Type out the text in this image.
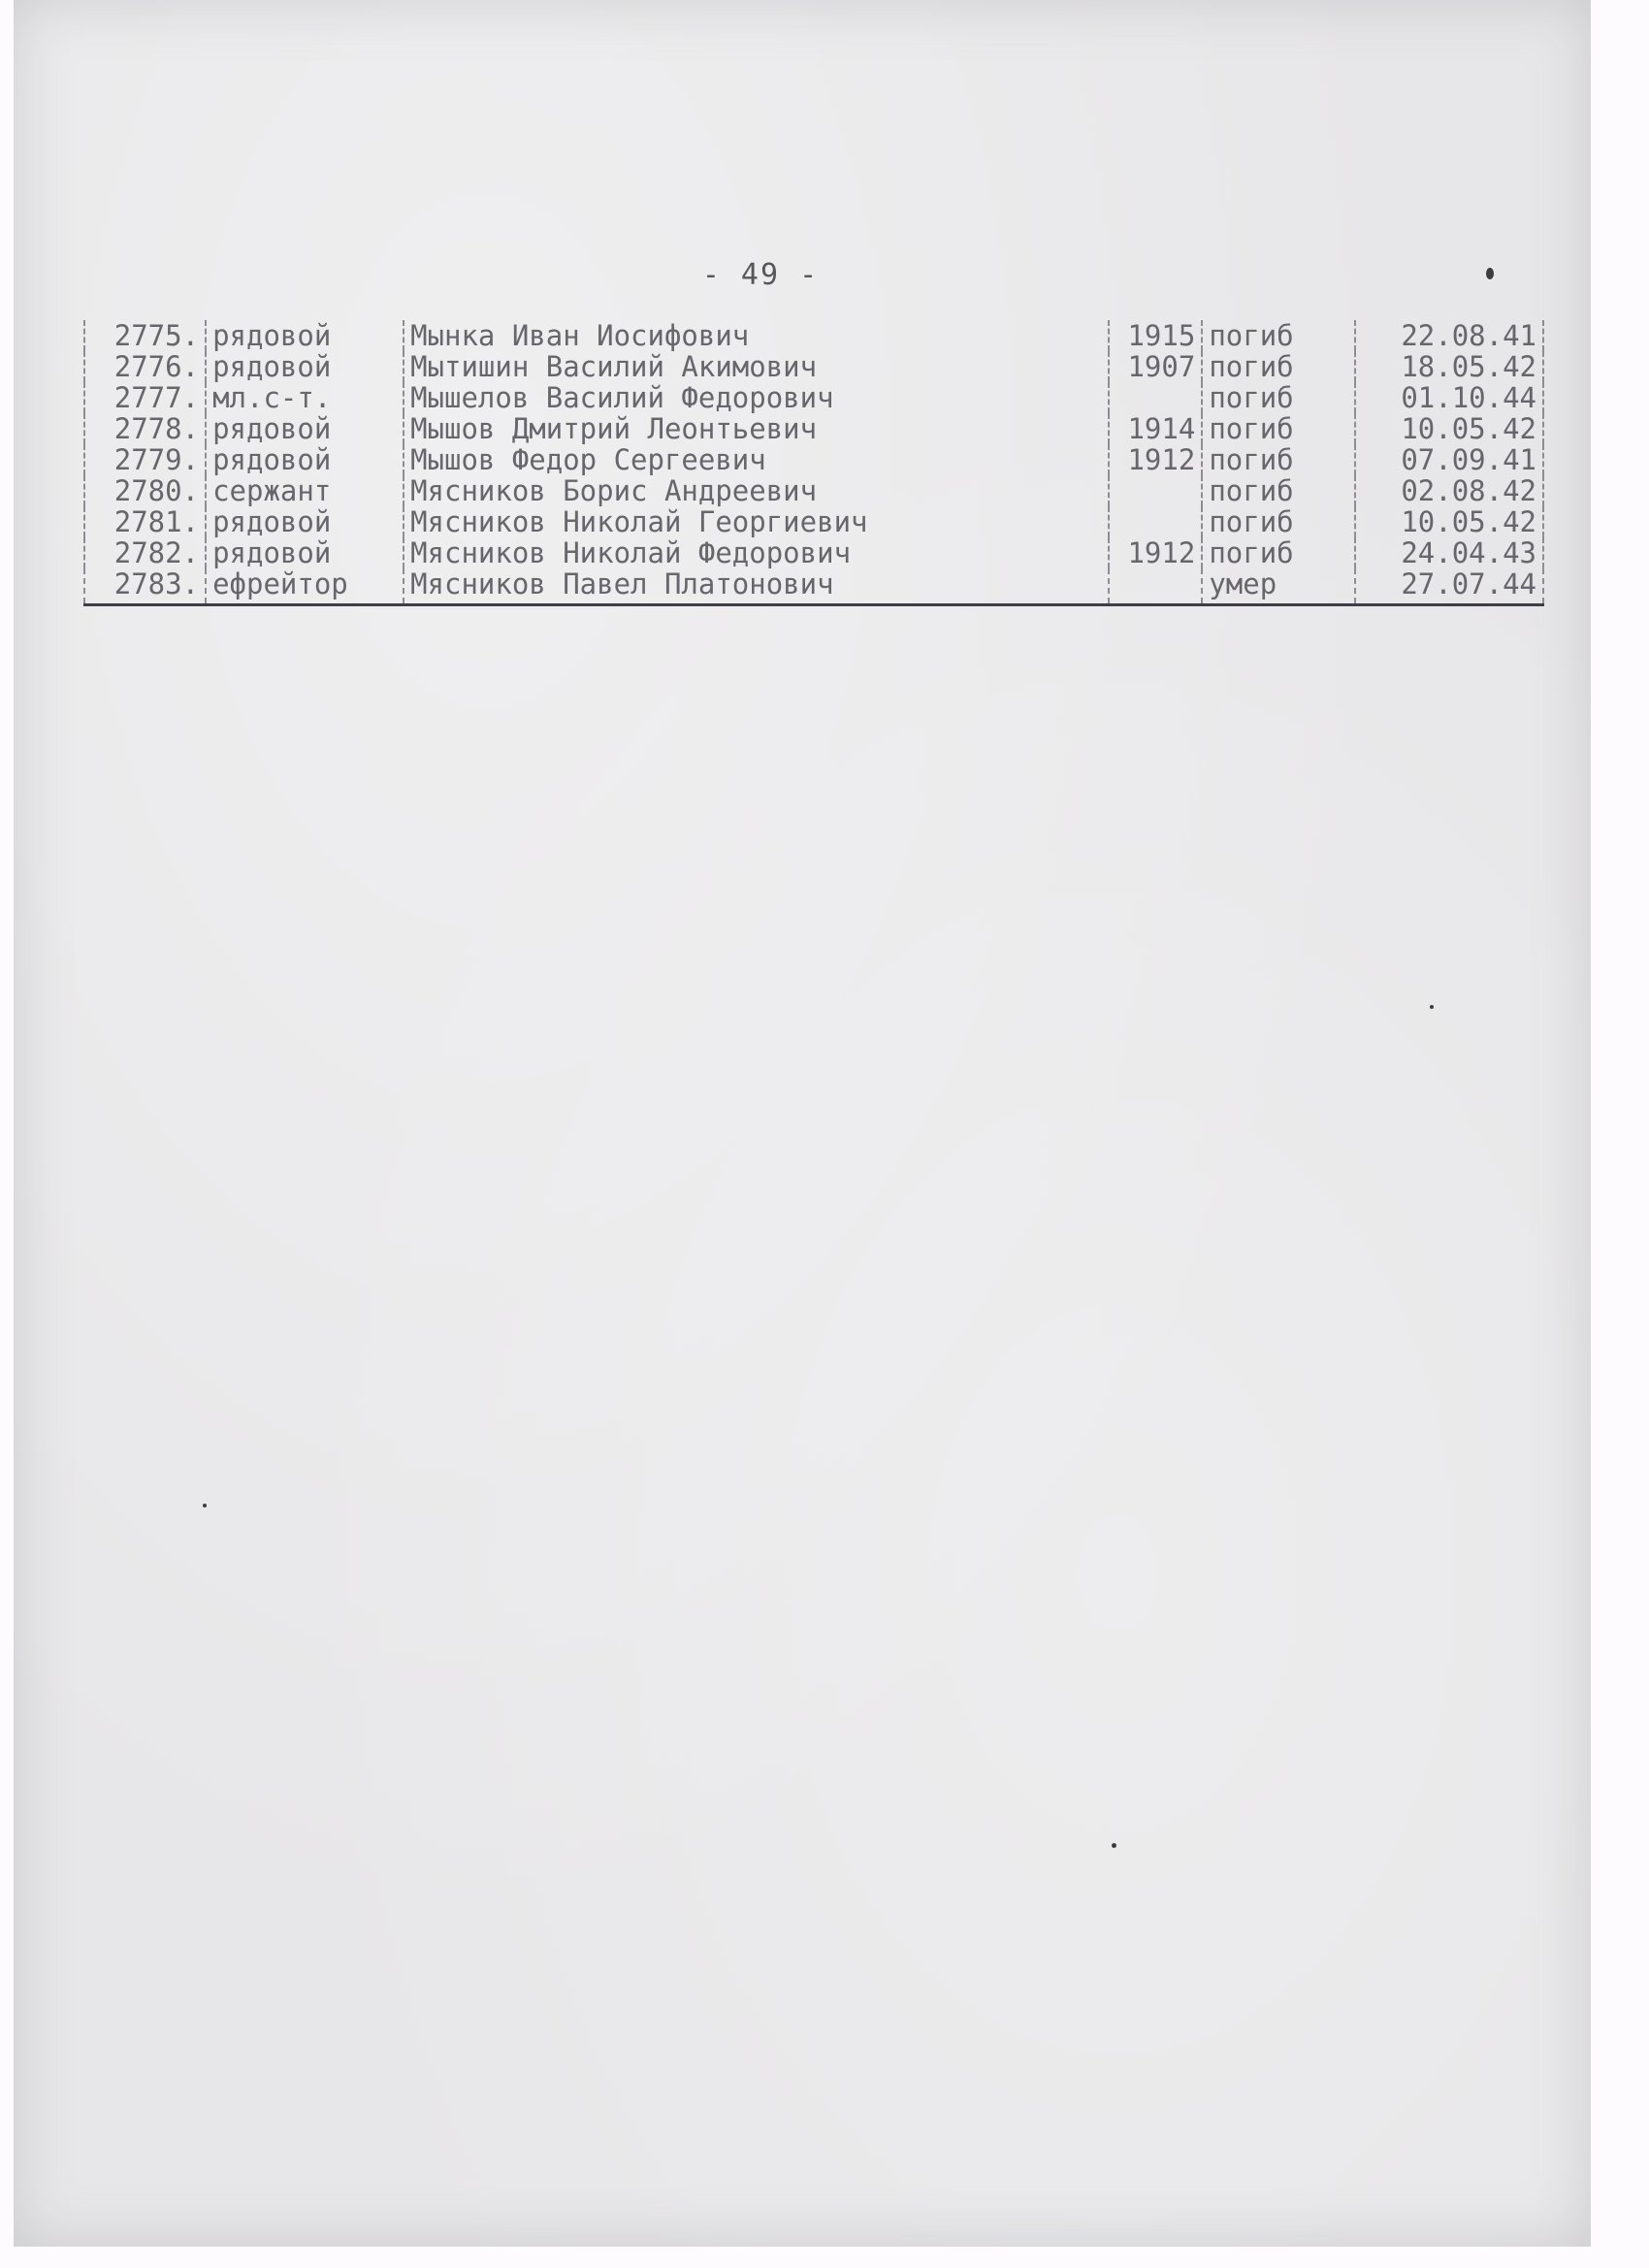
- 49 -
2775.	рядовой	Мынка Иван Иосифович	1915	погиб	22.08.41
2776.	рядовой	Мытишин Василий Акимович	1907	погиб	18.05.42
2777.	мл.с-т.	Мышелов Василий Федорович		погиб	01.10.44
2778.	рядовой	Мышов Дмитрий Леонтьевич	1914	погиб	10.05.42
2779.	рядовой	Мышов Федор Сергеевич	1912	погиб	07.09.41
2780.	сержант	Мясников Борис Андреевич		погиб	02.08.42
2781.	рядовой	Мясников Николай Георгиевич		погиб	10.05.42
2782.	рядовой	Мясников Николай Федорович	1912	погиб	24.04.43
2783.	ефрейтор	Мясников Павел Платонович		умер	27.07.44
